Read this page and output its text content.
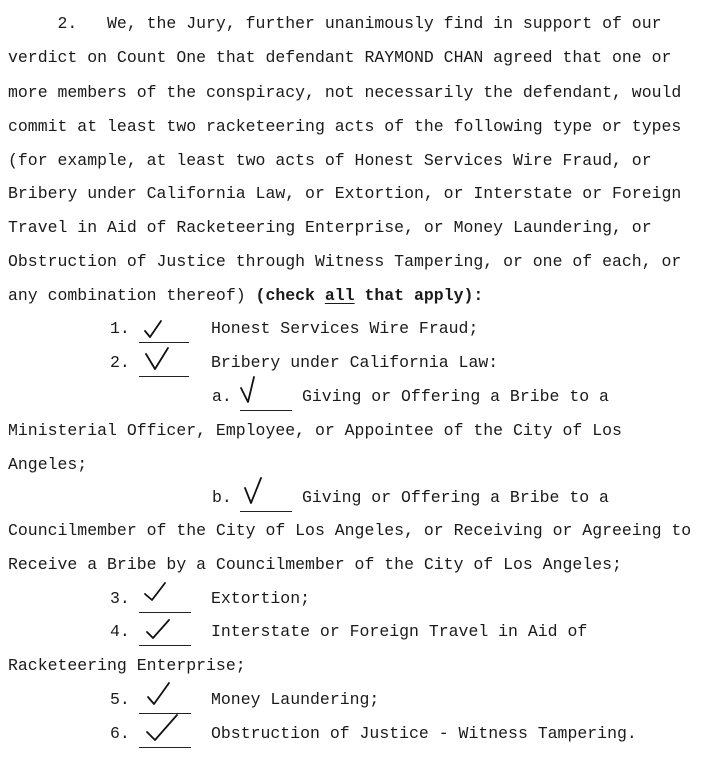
2.   We, the Jury, further unanimously find in support of our
verdict on Count One that defendant RAYMOND CHAN agreed that one or
more members of the conspiracy, not necessarily the defendant, would
commit at least two racketeering acts of the following type or types
(for example, at least two acts of Honest Services Wire Fraud, or
Bribery under California Law, or Extortion, or Interstate or Foreign
Travel in Aid of Racketeering Enterprise, or Money Laundering, or
Obstruction of Justice through Witness Tampering, or one of each, or
any combination thereof) (check all that apply):
1.	Honest Services Wire Fraud;
2.	Bribery under California Law:
a.	Giving or Offering a Bribe to a
Ministerial Officer, Employee, or Appointee of the City of Los
Angeles;
b.	Giving or Offering a Bribe to a
Councilmember of the City of Los Angeles, or Receiving or Agreeing to
Receive a Bribe by a Councilmember of the City of Los Angeles;
3.	Extortion;
4.	Interstate or Foreign Travel in Aid of
Racketeering Enterprise;
5.	Money Laundering;
6.	Obstruction of Justice - Witness Tampering.
